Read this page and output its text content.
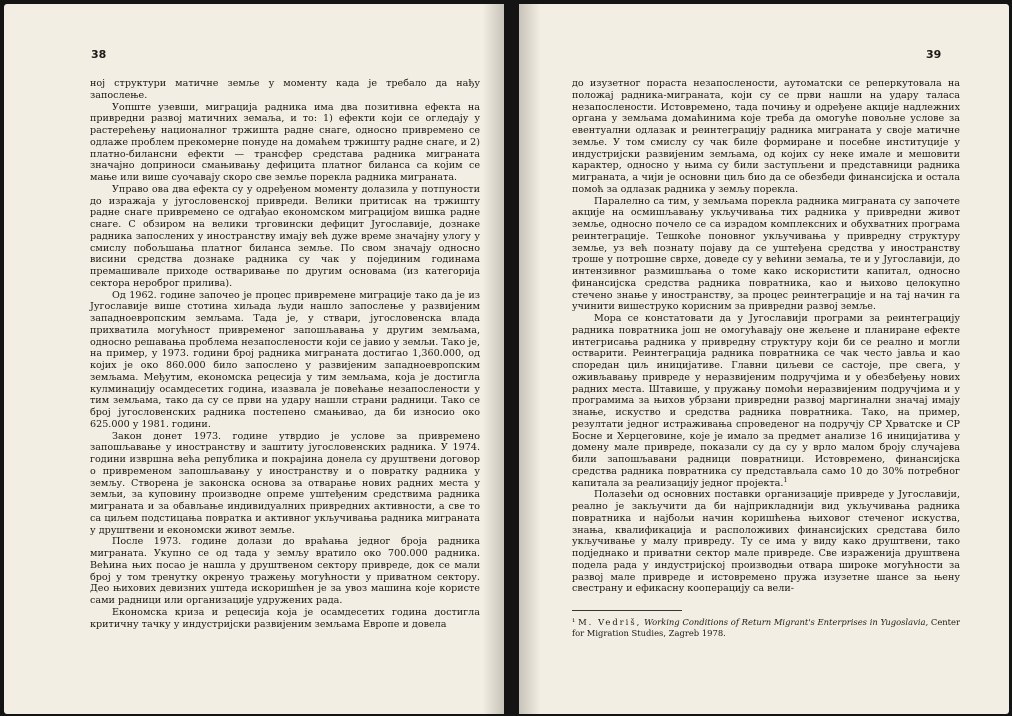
38

ној структури матичне земље у моменту када је требало да нађу запослење.

Уопште узевши, миграција радника има два позитивна ефекта на привредни развој матичних земаља, и то: 1) ефекти који се огледају у растерећењу националног тржишта радне снаге, односно привремено се одлаже проблем прекомерне понуде на домаћем тржишту радне снаге, и 2) платно-билансни ефекти — трансфер средстава радника миграната значајно доприноси смањивању дефицита платног биланса са којим се мање или више суочавају скоро све земље порекла радника миграната.

Управо ова два ефекта су у одређеном моменту долазила у потпуности до изражаја у југословенској привреди. Велики притисак на тржишту радне снаге привремено се одгађао економском миграцијом вишка радне снаге. С обзиром на велики трговински дефицит Југославије, дознаке радника запослених у иностранству имају већ дуже време значајну улогу у смислу побољшања платног биланса земље. По свом значају односно висини средства дознаке радника су чак у појединим годинама премашивале приходе остваривање по другим основама (из категорија сектора нероброг прилива).

Од 1962. године започео је процес привремене миграције тако да је из Југославије више стотина хиљада људи нашло запослење у развијеним западноевропским земљама. Тада је, у ствари, југословенска влада прихватила могућност привременог запошљавања у другим земљама, односно решавања проблема незапослености који се јавио у земљи. Тако је, на пример, у 1973. години број радника миграната достигао 1,360.000, од којих је око 860.000 било запослено у развијеним западноевропским земљама. Међутим, економска рецесија у тим земљама, која је достигла кулминацију осамдесетих година, изазвала је повећање незапослености у тим земљама, тако да су се први на удару нашли страни радници. Тако се број југословенских радника постепено смањивао, да би износио око 625.000 у 1981. години.

Закон донет 1973. године утврдио је услове за привремено запошљавање у иностранству и заштиту југословенских радника. У 1974. години извршна већа република и покрајина донела су друштвени договор о привременом запошљавању у иностранству и о повратку радника у земљу. Створена је законска основа за отварање нових радних места у земљи, за куповину производне опреме уштеђеним средствима радника миграната и за обављање индивидуалних привредних активности, а све то са циљем подстицања повратка и активног укључивања радника миграната у друштвени и економски живот земље.

После 1973. године долази до враћања једног броја радника миграната. Укупно се од тада у земљу вратило око 700.000 радника. Већина њих посао је нашла у друштвеном сектору привреде, док се мали број у том тренутку окренуо тражењу могућности у приватном сектору. Део њихових девизних уштеда искоришћен је за увоз машина које користе сами радници или организације удружених рада.

Економска криза и рецесија која је осамдесетих година достигла критичну тачку у индустријски развијеним земљама Европе и довела

39

до изузетног пораста незапослености, аутоматски се реперкутовала на положај радника-миграната, који су се први нашли на удару таласа незапослености. Истовремено, тада почињу и одређене акције надлежних органа у земљама домаћинима које треба да омогуће повољне услове за евентуални одлазак и реинтеграцију радника миграната у своје матичне земље. У том смислу су чак биле формиране и посебне институције у индустријски развијеним земљама, од којих су неке имале и мешовити карактер, односно у њима су били заступљени и представници радника миграната, а чији је основни циљ био да се обезбеди финансијска и остала помоћ за одлазак радника у земљу порекла.

Паралелно са тим, у земљама порекла радника миграната су започете акције на осмишљавању укључивања тих радника у привредни живот земље, односно почело се са израдом комплексних и обухватних програма реинтеграције. Тешкоће поновног укључивања у привредну структуру земље, уз већ познату појаву да се уштеђена средства у иностранству троше у потрошне сврхе, доведе су у већини земаља, те и у Југославији, до интензивног размишљања о томе како искористити капитал, односно финансијска средства радника повратника, као и њихово целокупно стечено знање у иностранству, за процес реинтеграције и на тај начин га учинити вишеструко корисним за привредни развој земље.

Мора се констатовати да у Југославији програми за реинтеграцију радника повратника још не омогућавају оне жељене и планиране ефекте интегрисања радника у привредну структуру који би се реално и могли остварити. Реинтеграција радника повратника се чак често јавља и као споредан циљ иницијативе. Главни циљеви се састоје, пре свега, у оживљавању привреде у неразвијеним подручјима и у обезбеђењу нових радних места. Штавише, у пружању помоћи неразвијеним подручјима и у програмима за њихов убрзани привредни развој маргинални значај имају знање, искуство и средства радника повратника. Тако, на пример, резултати једног истраживања спроведеног на подручју СР Хрватске и СР Босне и Херцеговине, које је имало за предмет анализе 16 иницијатива у домену мале привреде, показали су да су у врло малом броју случајева били запошљавани радници повратници. Истовремено, финансијска средства радника повратника су представљала само 10 до 30% потребног капитала за реализацију једног пројекта.$^1$

Полазећи од основних поставки организације привреде у Југославији, реално је закључити да би најприкладнији вид укључивања радника повратника и најбољи начин коришћења њиховог стеченог искуства, знања, квалификација и расположивих финансијских средстава било укључивање у малу привреду. Ту се има у виду како друштвени, тако подједнако и приватни сектор мале привреде. Све израженија друштвена подела рада у индустријској производњи отвара широке могућности за развој мале привреде и истовремено пружа изузетне шансе за њену свестрану и ефикасну кооперацију са вели-

¹ M. Vedriš, Working Conditions of Return Migrant's Enterprises in Yugoslavia, Center for Migration Studies, Zagreb 1978.
